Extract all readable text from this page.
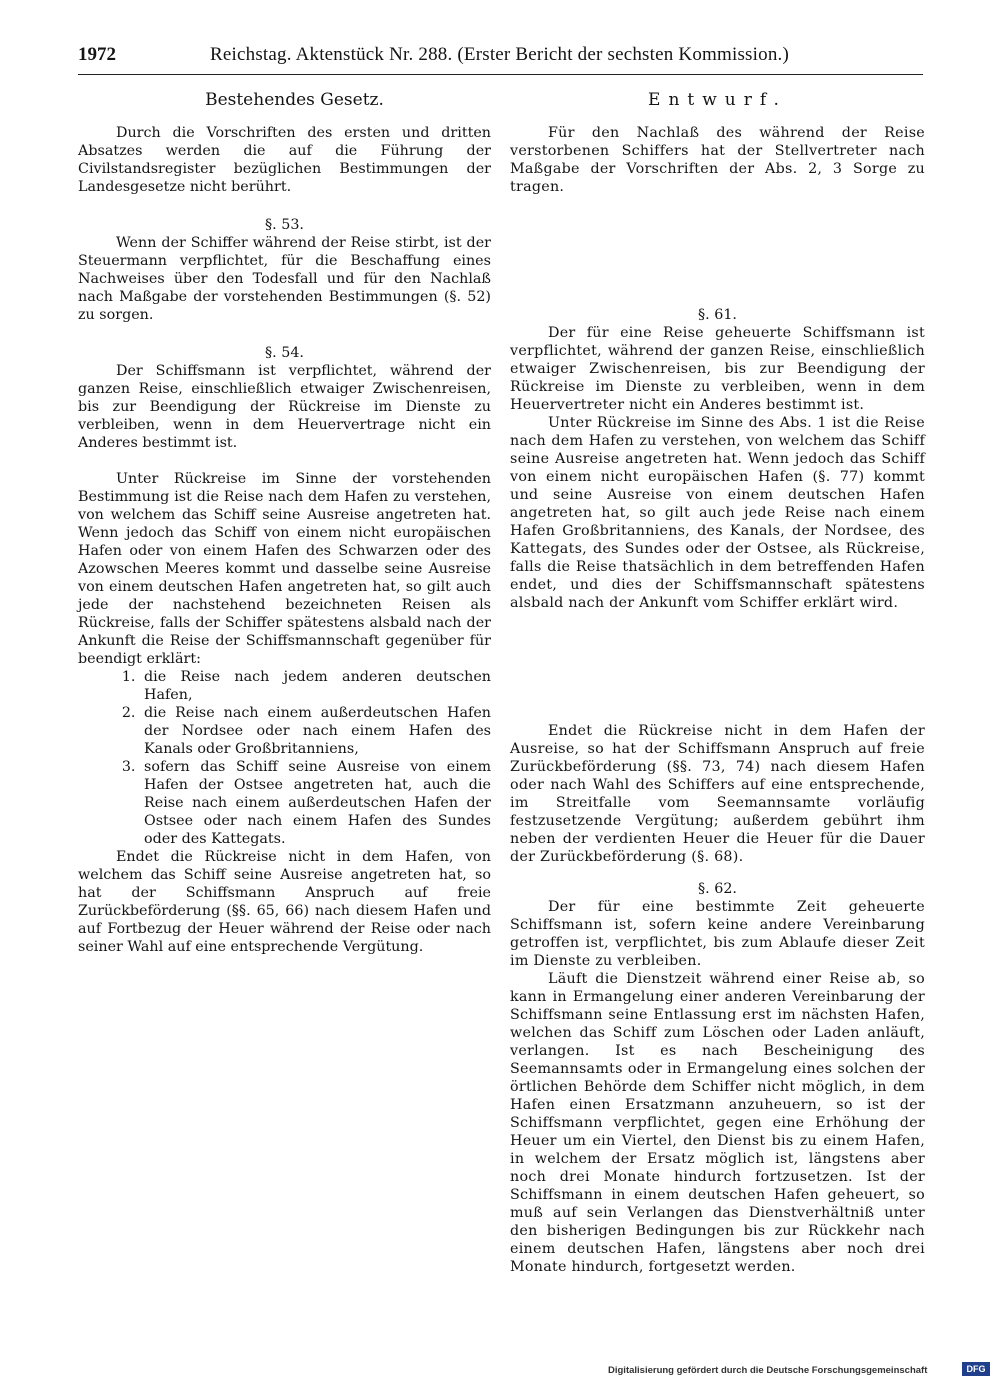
1972	Reichstag. Aktenstück Nr. 288. (Erster Bericht der sechsten Kommission.)
Bestehendes Gesetz.

Durch die Vorschriften des ersten und dritten Absatzes werden die auf die Führung der Civilstandsregister bezüglichen Bestimmungen der Landesgesetze nicht berührt.

§. 53.

Wenn der Schiffer während der Reise stirbt, ist der Steuermann verpflichtet, für die Beschaffung eines Nachweises über den Todesfall und für den Nachlaß nach Maßgabe der vorstehenden Bestimmungen (§. 52) zu sorgen.

§. 54.

Der Schiffsmann ist verpflichtet, während der ganzen Reise, einschließlich etwaiger Zwischenreisen, bis zur Beendigung der Rückreise im Dienste zu verbleiben, wenn in dem Heuervertrage nicht ein Anderes bestimmt ist.

Unter Rückreise im Sinne der vorstehenden Bestimmung ist die Reise nach dem Hafen zu verstehen, von welchem das Schiff seine Ausreise angetreten hat. Wenn jedoch das Schiff von einem nicht europäischen Hafen oder von einem Hafen des Schwarzen oder des Azowschen Meeres kommt und dasselbe seine Ausreise von einem deutschen Hafen angetreten hat, so gilt auch jede der nachstehend bezeichneten Reisen als Rückreise, falls der Schiffer spätestens alsbald nach der Ankunft die Reise der Schiffsmannschaft gegenüber für beendigt erklärt:

1. die Reise nach jedem anderen deutschen Hafen,
2. die Reise nach einem außerdeutschen Hafen der Nordsee oder nach einem Hafen des Kanals oder Großbritanniens,
3. sofern das Schiff seine Ausreise von einem Hafen der Ostsee angetreten hat, auch die Reise nach einem außerdeutschen Hafen der Ostsee oder nach einem Hafen des Sundes oder des Kattegats.

Endet die Rückreise nicht in dem Hafen, von welchem das Schiff seine Ausreise angetreten hat, so hat der Schiffsmann Anspruch auf freie Zurückbeförderung (§§. 65, 66) nach diesem Hafen und auf Fortbezug der Heuer während der Reise oder nach seiner Wahl auf eine entsprechende Vergütung.

Entwurf.

Für den Nachlaß des während der Reise verstorbenen Schiffers hat der Stellvertreter nach Maßgabe der Vorschriften der Abs. 2, 3 Sorge zu tragen.

§. 61.

Der für eine Reise geheuerte Schiffsmann ist verpflichtet, während der ganzen Reise, einschließlich etwaiger Zwischenreisen, bis zur Beendigung der Rückreise im Dienste zu verbleiben, wenn in dem Heuervertreter nicht ein Anderes bestimmt ist.

Unter Rückreise im Sinne des Abs. 1 ist die Reise nach dem Hafen zu verstehen, von welchem das Schiff seine Ausreise angetreten hat. Wenn jedoch das Schiff von einem nicht europäischen Hafen (§. 77) kommt und seine Ausreise von einem deutschen Hafen angetreten hat, so gilt auch jede Reise nach einem Hafen Großbritanniens, des Kanals, der Nordsee, des Kattegats, des Sundes oder der Ostsee, als Rückreise, falls die Reise thatsächlich in dem betreffenden Hafen endet, und dies der Schiffsmannschaft spätestens alsbald nach der Ankunft vom Schiffer erklärt wird.

Endet die Rückreise nicht in dem Hafen der Ausreise, so hat der Schiffsmann Anspruch auf freie Zurückbeförderung (§§. 73, 74) nach diesem Hafen oder nach Wahl des Schiffers auf eine entsprechende, im Streitfalle vom Seemannsamte vorläufig festzusetzende Vergütung; außerdem gebührt ihm neben der verdienten Heuer die Heuer für die Dauer der Zurückbeförderung (§. 68).

§. 62.

Der für eine bestimmte Zeit geheuerte Schiffsmann ist, sofern keine andere Vereinbarung getroffen ist, verpflichtet, bis zum Ablaufe dieser Zeit im Dienste zu verbleiben.

Läuft die Dienstzeit während einer Reise ab, so kann in Ermangelung einer anderen Vereinbarung der Schiffsmann seine Entlassung erst im nächsten Hafen, welchen das Schiff zum Löschen oder Laden anläuft, verlangen. Ist es nach Bescheinigung des Seemannsamts oder in Ermangelung eines solchen der örtlichen Behörde dem Schiffer nicht möglich, in dem Hafen einen Ersatzmann anzuheuern, so ist der Schiffsmann verpflichtet, gegen eine Erhöhung der Heuer um ein Viertel, den Dienst bis zu einem Hafen, in welchem der Ersatz möglich ist, längstens aber noch drei Monate hindurch fortzusetzen. Ist der Schiffsmann in einem deutschen Hafen geheuert, so muß auf sein Verlangen das Dienstverhältniß unter den bisherigen Bedingungen bis zur Rückkehr nach einem deutschen Hafen, längstens aber noch drei Monate hindurch, fortgesetzt werden.

Digitalisierung gefördert durch die Deutsche Forschungsgemeinschaft	DFG
